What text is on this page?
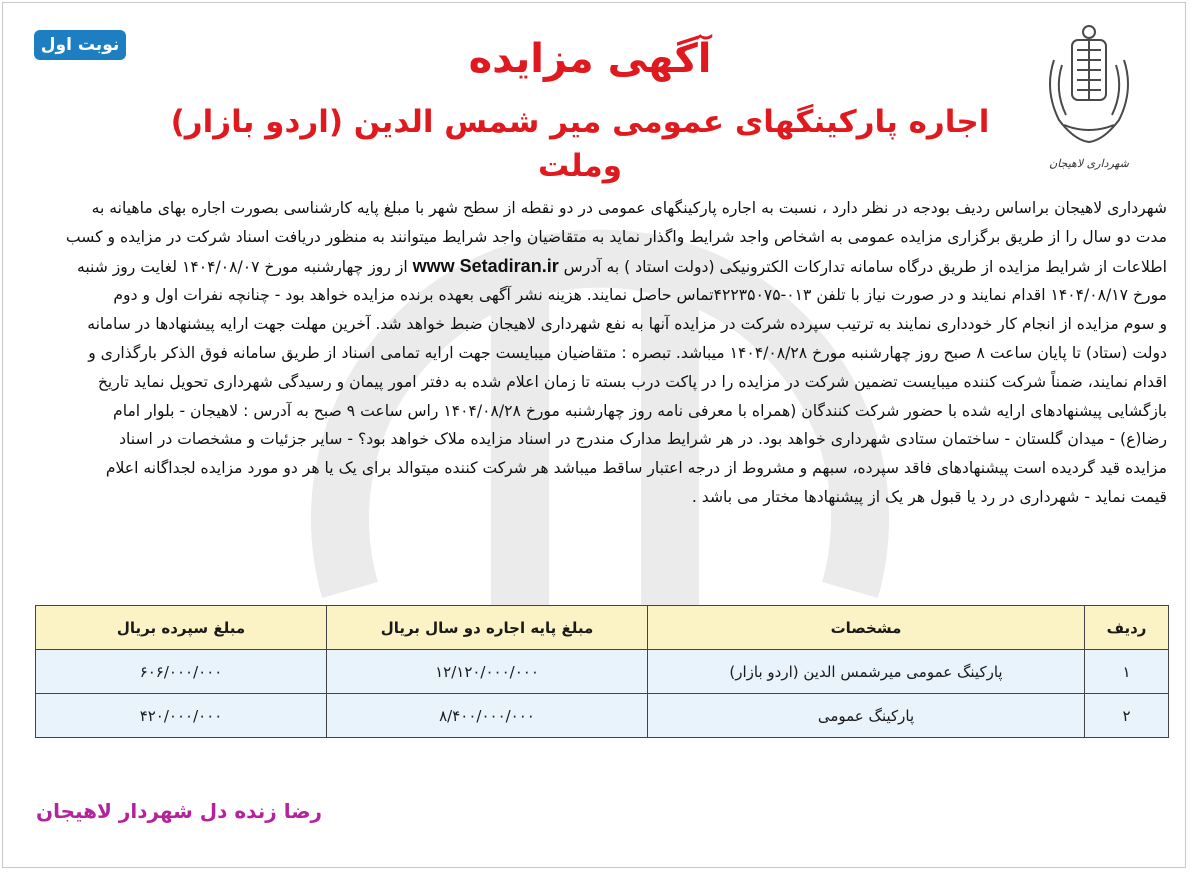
نوبت اول
شهرداری لاهیجان
آگهی مزایده
اجاره پارکینگهای عمومی میر شمس الدین (اردو بازار) وملت
شهرداری لاهیجان براساس ردیف بودجه در نظر دارد ، نسبت به اجاره پارکینگهای عمومی در دو نقطه از سطح شهر با مبلغ پایه کارشناسی بصورت اجاره بهای ماهیانه به
مدت دو سال را از طریق برگزاری مزایده عمومی به اشخاص واجد شرایط واگذار نماید به متقاضیان واجد شرایط میتوانند به منظور دریافت اسناد شرکت در مزایده و کسب
اطلاعات از شرایط مزایده از طریق درگاه سامانه تدارکات الکترونیکی (دولت استاد ) به آدرس www Setadiran.ir از روز چهارشنبه مورخ ۱۴۰۴/۰۸/۰۷ لغایت روز شنبه
مورخ ۱۴۰۴/۰۸/۱۷ اقدام نمایند و در صورت نیاز با تلفن ۰۱۳-۴۲۲۳۵۰۷۵تماس حاصل نمایند. هزینه نشر آگهی بعهده برنده مزایده خواهد بود - چنانچه نفرات اول و دوم
و سوم مزایده از انجام کار خودداری نمایند به ترتیب سپرده شرکت در مزایده آنها به نفع شهرداری لاهیجان ضبط خواهد شد. آخرین مهلت جهت ارایه پیشنهادها در سامانه
دولت (ستاد) تا پایان ساعت ۸ صبح روز چهارشنبه مورخ ۱۴۰۴/۰۸/۲۸ میباشد. تبصره : متقاضیان میبایست جهت ارایه تمامی اسناد از طریق سامانه فوق الذکر بارگذاری و
اقدام نمایند، ضمناً شرکت کننده میبایست تضمین شرکت در مزایده را در پاکت درب بسته تا زمان اعلام شده به دفتر امور پیمان و رسیدگی شهرداری تحویل نماید تاریخ
بازگشایی پیشنهادهای ارایه شده با حضور شرکت کنندگان (همراه با معرفی نامه روز چهارشنبه مورخ ۱۴۰۴/۰۸/۲۸ راس ساعت ۹ صبح به آدرس : لاهیجان - بلوار امام
رضا(ع) - میدان گلستان - ساختمان ستادی شهرداری خواهد بود. در هر شرایط مدارک مندرج در اسناد مزایده ملاک خواهد بود؟ - سایر جزئیات و مشخصات در اسناد
مزایده قید گردیده است پیشنهادهای فاقد سپرده، سبهم و مشروط از درجه اعتبار ساقط میباشد هر شرکت کننده میتوالد برای یک یا هر دو مورد مزایده لجداگانه اعلام
قیمت نماید - شهرداری در رد یا قبول هر یک از پیشنهادها مختار می باشد .
ردیف	مشخصات	مبلغ پایه اجاره دو سال بریال	مبلغ سپرده بریال
۱	پارکینگ عمومی میرشمس الدین (اردو بازار)	۱۲/۱۲۰/۰۰۰/۰۰۰	۶۰۶/۰۰۰/۰۰۰
۲	پارکینگ عمومی	۸/۴۰۰/۰۰۰/۰۰۰	۴۲۰/۰۰۰/۰۰۰
رضا زنده دل شهردار لاهیجان
